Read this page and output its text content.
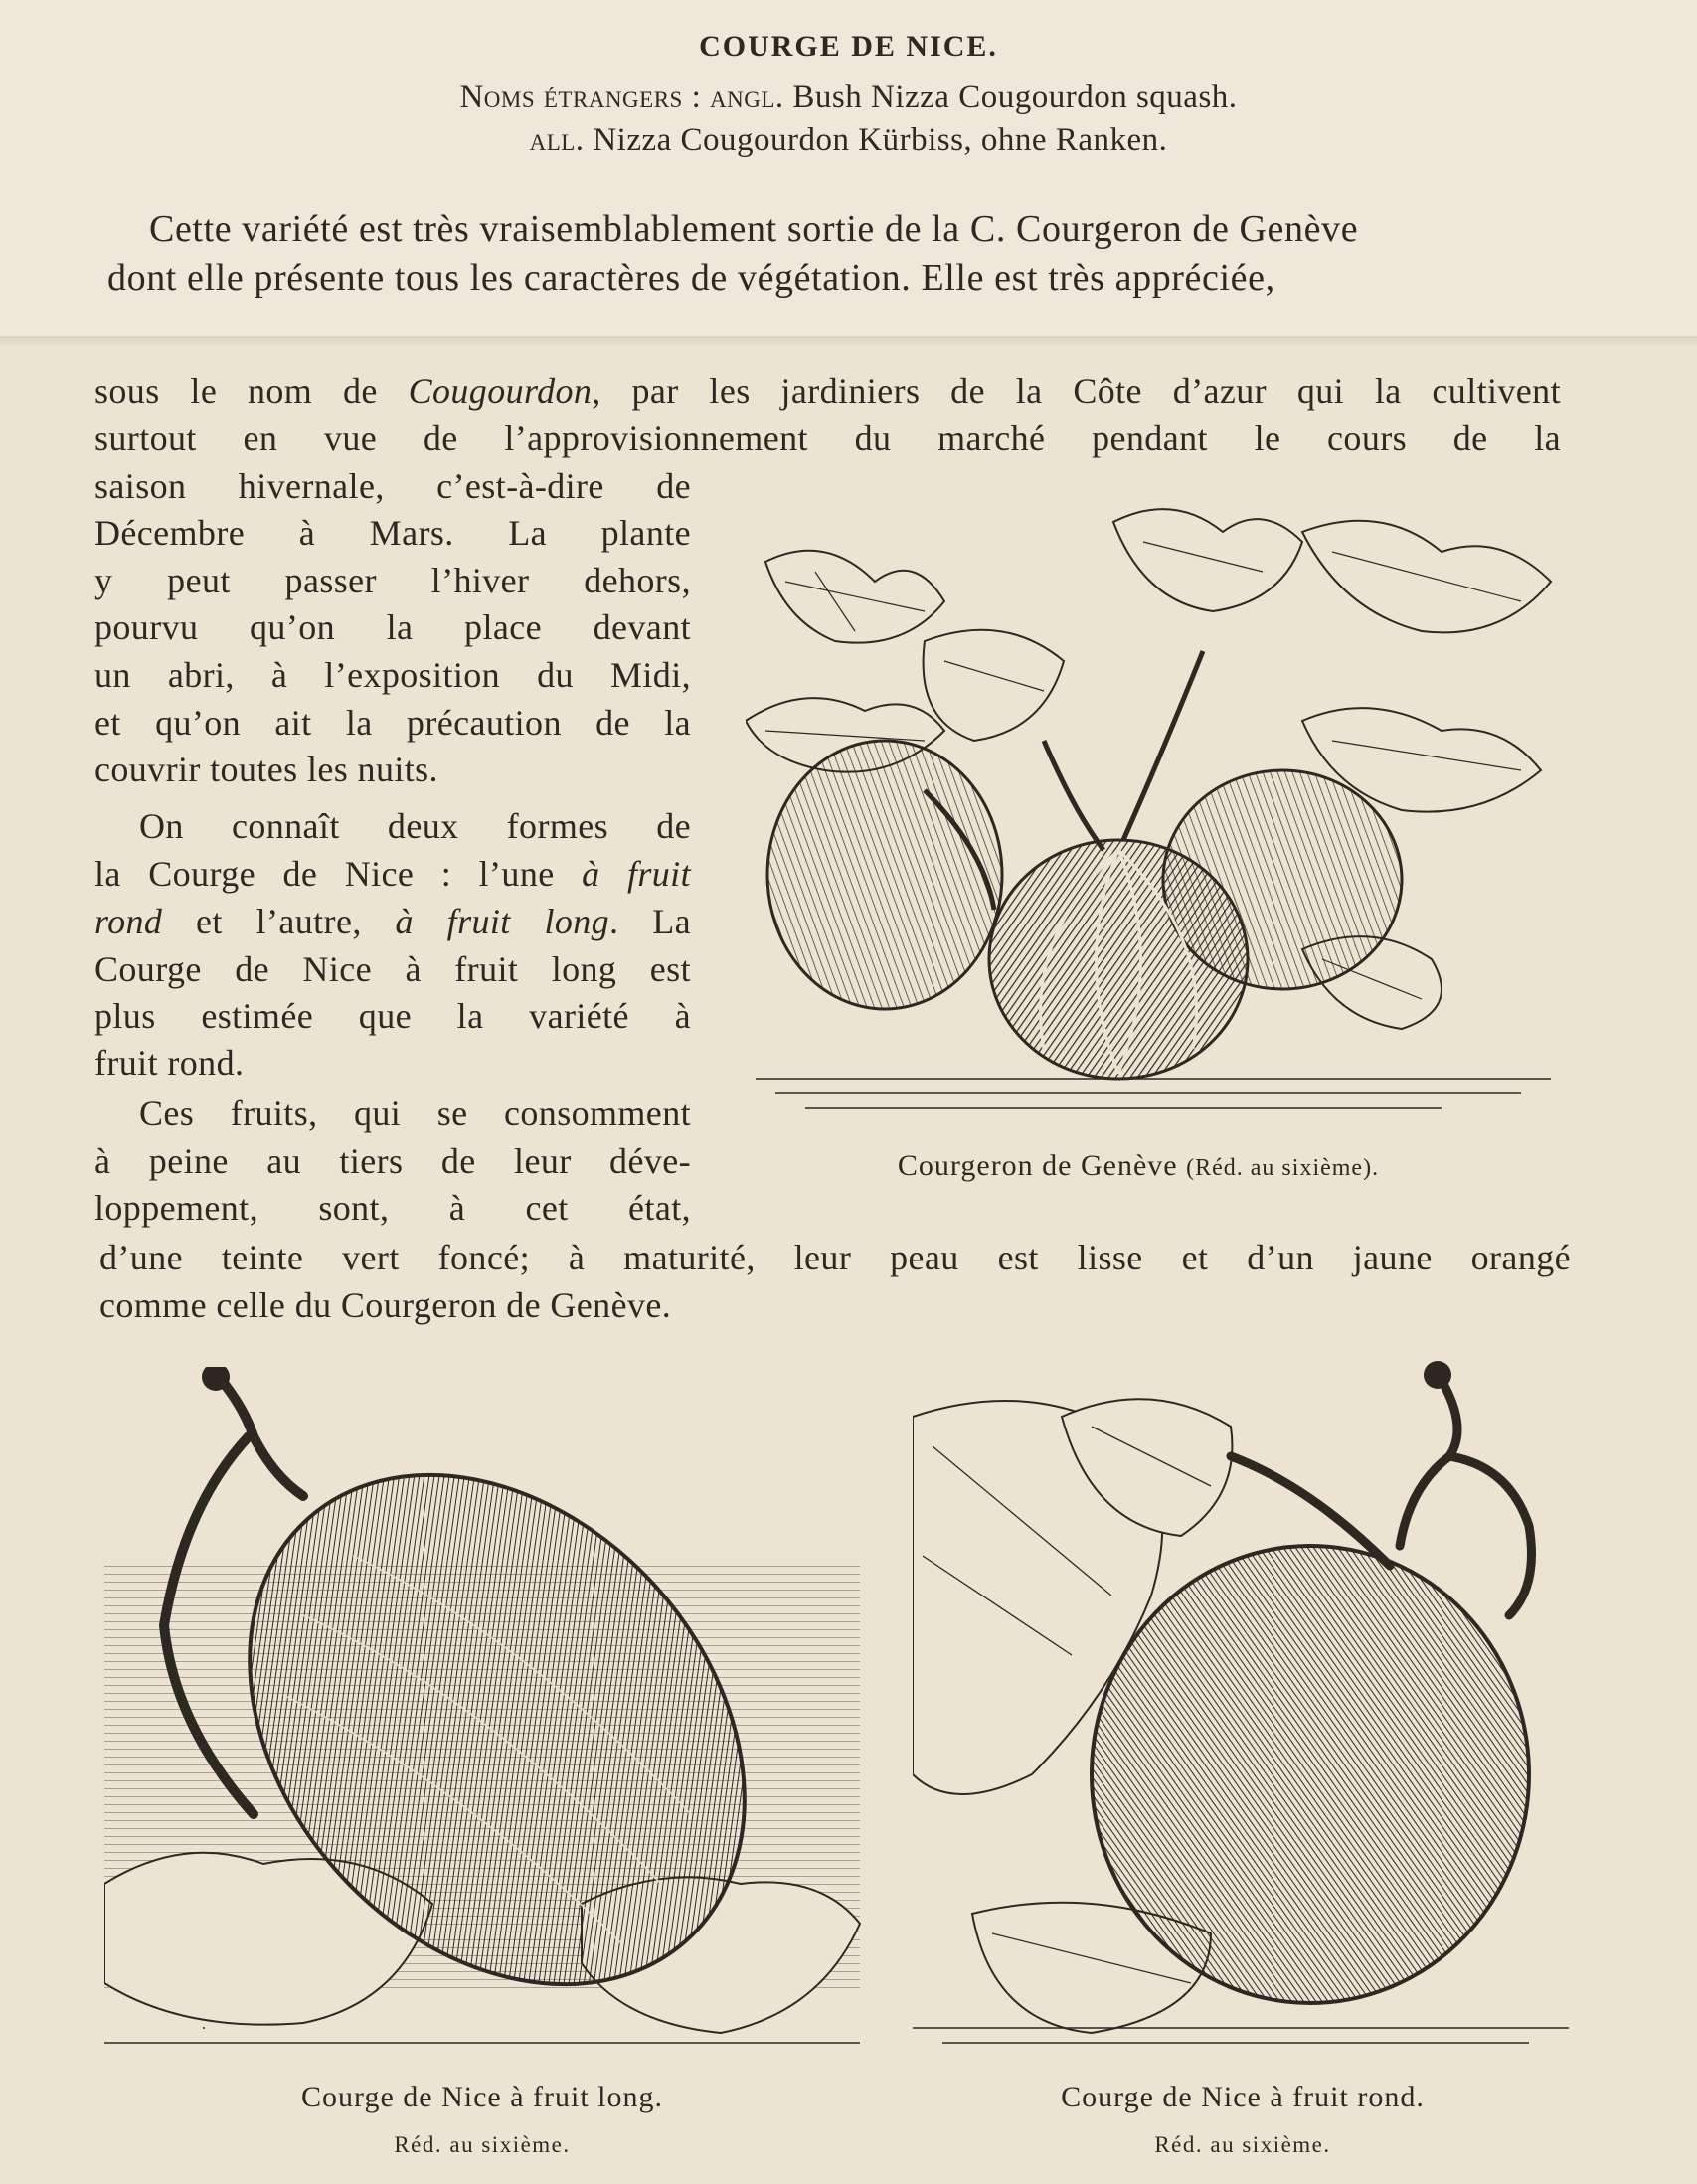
COURGE DE NICE.
Noms étrangers : angl. Bush Nizza Cougourdon squash.
all. Nizza Cougourdon Kürbiss, ohne Ranken.
Cette variété est très vraisemblablement sortie de la C. Courgeron de Genève
dont elle présente tous les caractères de végétation. Elle est très appréciée,
sous le nom de Cougourdon, par les jardiniers de la Côte d’azur qui la cultivent
surtout en vue de l’approvisionnement du marché pendant le cours de la
saison hivernale, c’est-à-dire de
Décembre à Mars. La plante
y peut passer l’hiver dehors,
pourvu qu’on la place devant
un abri, à l’exposition du Midi,
et qu’on ait la précaution de la
couvrir toutes les nuits.
On connaît deux formes de
la Courge de Nice : l’une à fruit
rond et l’autre, à fruit long. La
Courge de Nice à fruit long est
plus estimée que la variété à
fruit rond.
Ces fruits, qui se consomment
à peine au tiers de leur déve-
loppement, sont, à cet état,
d’une teinte vert foncé; à maturité, leur peau est lisse et d’un jaune orangé
comme celle du Courgeron de Genève.
Courgeron de Genève (Réd. au sixième).
Courge de Nice à fruit long.
Réd. au sixième.
Courge de Nice à fruit rond.
Réd. au sixième.
